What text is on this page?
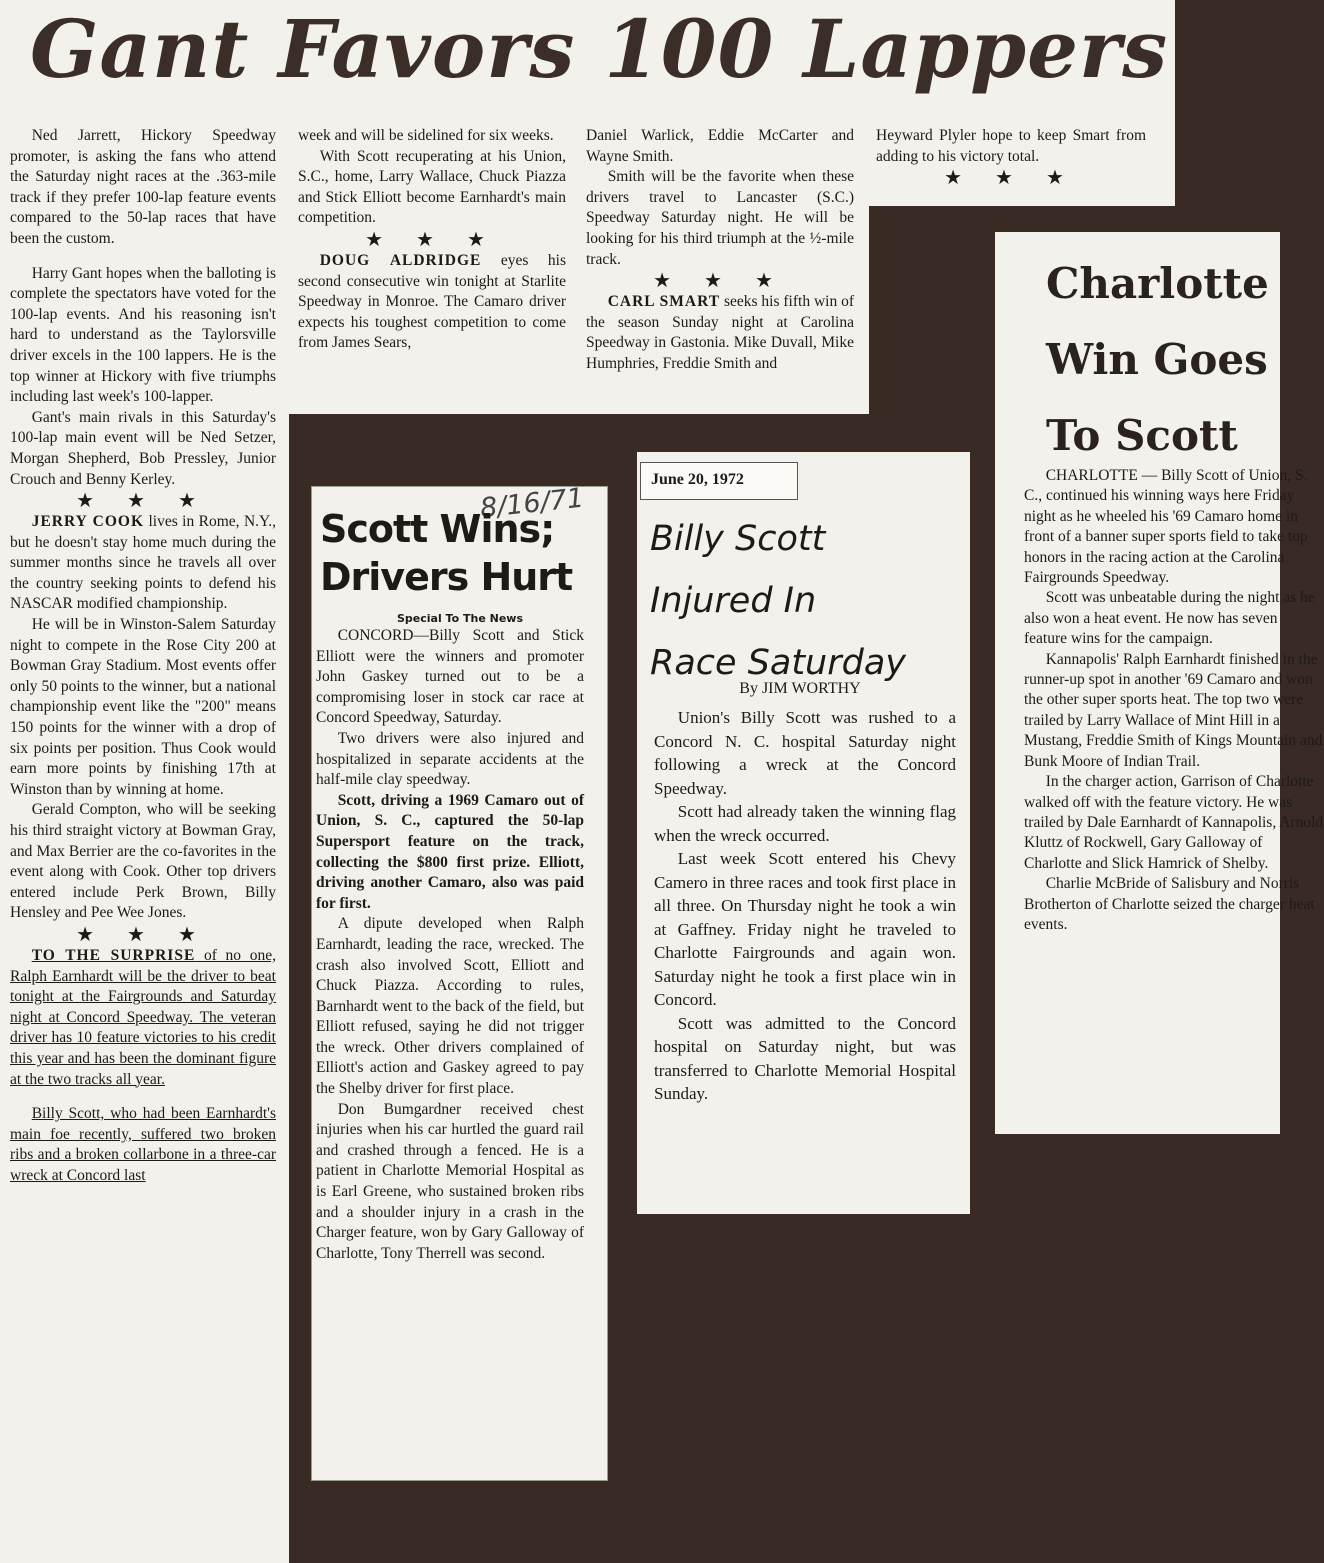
Gant Favors 100 Lappers

Ned Jarrett, Hickory Speedway promoter, is asking the fans who attend the Saturday night races at the .363-mile track if they prefer 100-lap feature events compared to the 50-lap races that have been the custom.

Harry Gant hopes when the balloting is complete the spectators have voted for the 100-lap events. And his reasoning isn't hard to understand as the Taylorsville driver excels in the 100 lappers. He is the top winner at Hickory with five triumphs including last week's 100-lapper.

Gant's main rivals in this Saturday's 100-lap main event will be Ned Setzer, Morgan Shepherd, Bob Pressley, Junior Crouch and Benny Kerley.

★ ★ ★

JERRY COOK lives in Rome, N.Y., but he doesn't stay home much during the summer months since he travels all over the country seeking points to defend his NASCAR modified championship.

He will be in Winston-Salem Saturday night to compete in the Rose City 200 at Bowman Gray Stadium. Most events offer only 50 points to the winner, but a national championship event like the "200" means 150 points for the winner with a drop of six points per position. Thus Cook would earn more points by finishing 17th at Winston than by winning at home.

Gerald Compton, who will be seeking his third straight victory at Bowman Gray, and Max Berrier are the co-favorites in the event along with Cook. Other top drivers entered include Perk Brown, Billy Hensley and Pee Wee Jones.

★ ★ ★

TO THE SURPRISE of no one, Ralph Earnhardt will be the driver to beat tonight at the Fairgrounds and Saturday night at Concord Speedway. The veteran driver has 10 feature victories to his credit this year and has been the dominant figure at the two tracks all year.

Billy Scott, who had been Earnhardt's main foe recently, suffered two broken ribs and a broken collarbone in a three-car wreck at Concord last

week and will be sidelined for six weeks.

With Scott recuperating at his Union, S.C., home, Larry Wallace, Chuck Piazza and Stick Elliott become Earnhardt's main competition.

★ ★ ★

DOUG ALDRIDGE eyes his second consecutive win tonight at Starlite Speedway in Monroe. The Camaro driver expects his toughest competition to come from James Sears,

Daniel Warlick, Eddie McCarter and Wayne Smith.

Smith will be the favorite when these drivers travel to Lancaster (S.C.) Speedway Saturday night. He will be looking for his third triumph at the ½-mile track.

★ ★ ★

CARL SMART seeks his fifth win of the season Sunday night at Carolina Speedway in Gastonia. Mike Duvall, Mike Humphries, Freddie Smith and

Heyward Plyler hope to keep Smart from adding to his victory total.

★ ★ ★
8/16/71
Scott Wins;
Drivers Hurt
Special To The News

CONCORD—Billy Scott and Stick Elliott were the winners and promoter John Gaskey turned out to be a compromising loser in stock car race at Concord Speedway, Saturday.

Two drivers were also injured and hospitalized in separate accidents at the half-mile clay speedway.

Scott, driving a 1969 Camaro out of Union, S. C., captured the 50-lap Supersport feature on the track, collecting the $800 first prize. Elliott, driving another Camaro, also was paid for first.

A dipute developed when Ralph Earnhardt, leading the race, wrecked. The crash also involved Scott, Elliott and Chuck Piazza. According to rules, Barnhardt went to the back of the field, but Elliott refused, saying he did not trigger the wreck. Other drivers complained of Elliott's action and Gaskey agreed to pay the Shelby driver for first place.

Don Bumgardner received chest injuries when his car hurtled the guard rail and crashed through a fenced. He is a patient in Charlotte Memorial Hospital as is Earl Greene, who sustained broken ribs and a shoulder injury in a crash in the Charger feature, won by Gary Galloway of Charlotte, Tony Therrell was second.

June 20, 1972
Billy Scott
Injured In
Race Saturday
By JIM WORTHY

Union's Billy Scott was rushed to a Concord N. C. hospital Saturday night following a wreck at the Concord Speedway.

Scott had already taken the winning flag when the wreck occurred.

Last week Scott entered his Chevy Camero in three races and took first place in all three. On Thursday night he took a win at Gaffney. Friday night he traveled to Charlotte Fairgrounds and again won. Saturday night he took a first place win in Concord.

Scott was admitted to the Concord hospital on Saturday night, but was transferred to Charlotte Memorial Hospital Sunday.

Charlotte
Win Goes
To Scott

CHARLOTTE — Billy Scott of Union, S. C., continued his winning ways here Friday night as he wheeled his '69 Camaro home in front of a banner super sports field to take top honors in the racing action at the Carolina Fairgrounds Speedway.

Scott was unbeatable during the night as he also won a heat event. He now has seven feature wins for the campaign.

Kannapolis' Ralph Earnhardt finished in the runner-up spot in another '69 Camaro and won the other super sports heat. The top two were trailed by Larry Wallace of Mint Hill in a Mustang, Freddie Smith of Kings Mountain and Bunk Moore of Indian Trail.

In the charger action, Garrison of Charlotte walked off with the feature victory. He was trailed by Dale Earnhardt of Kannapolis, Arnold Kluttz of Rockwell, Gary Galloway of Charlotte and Slick Hamrick of Shelby.

Charlie McBride of Salisbury and Norris Brotherton of Charlotte seized the charger heat events.
